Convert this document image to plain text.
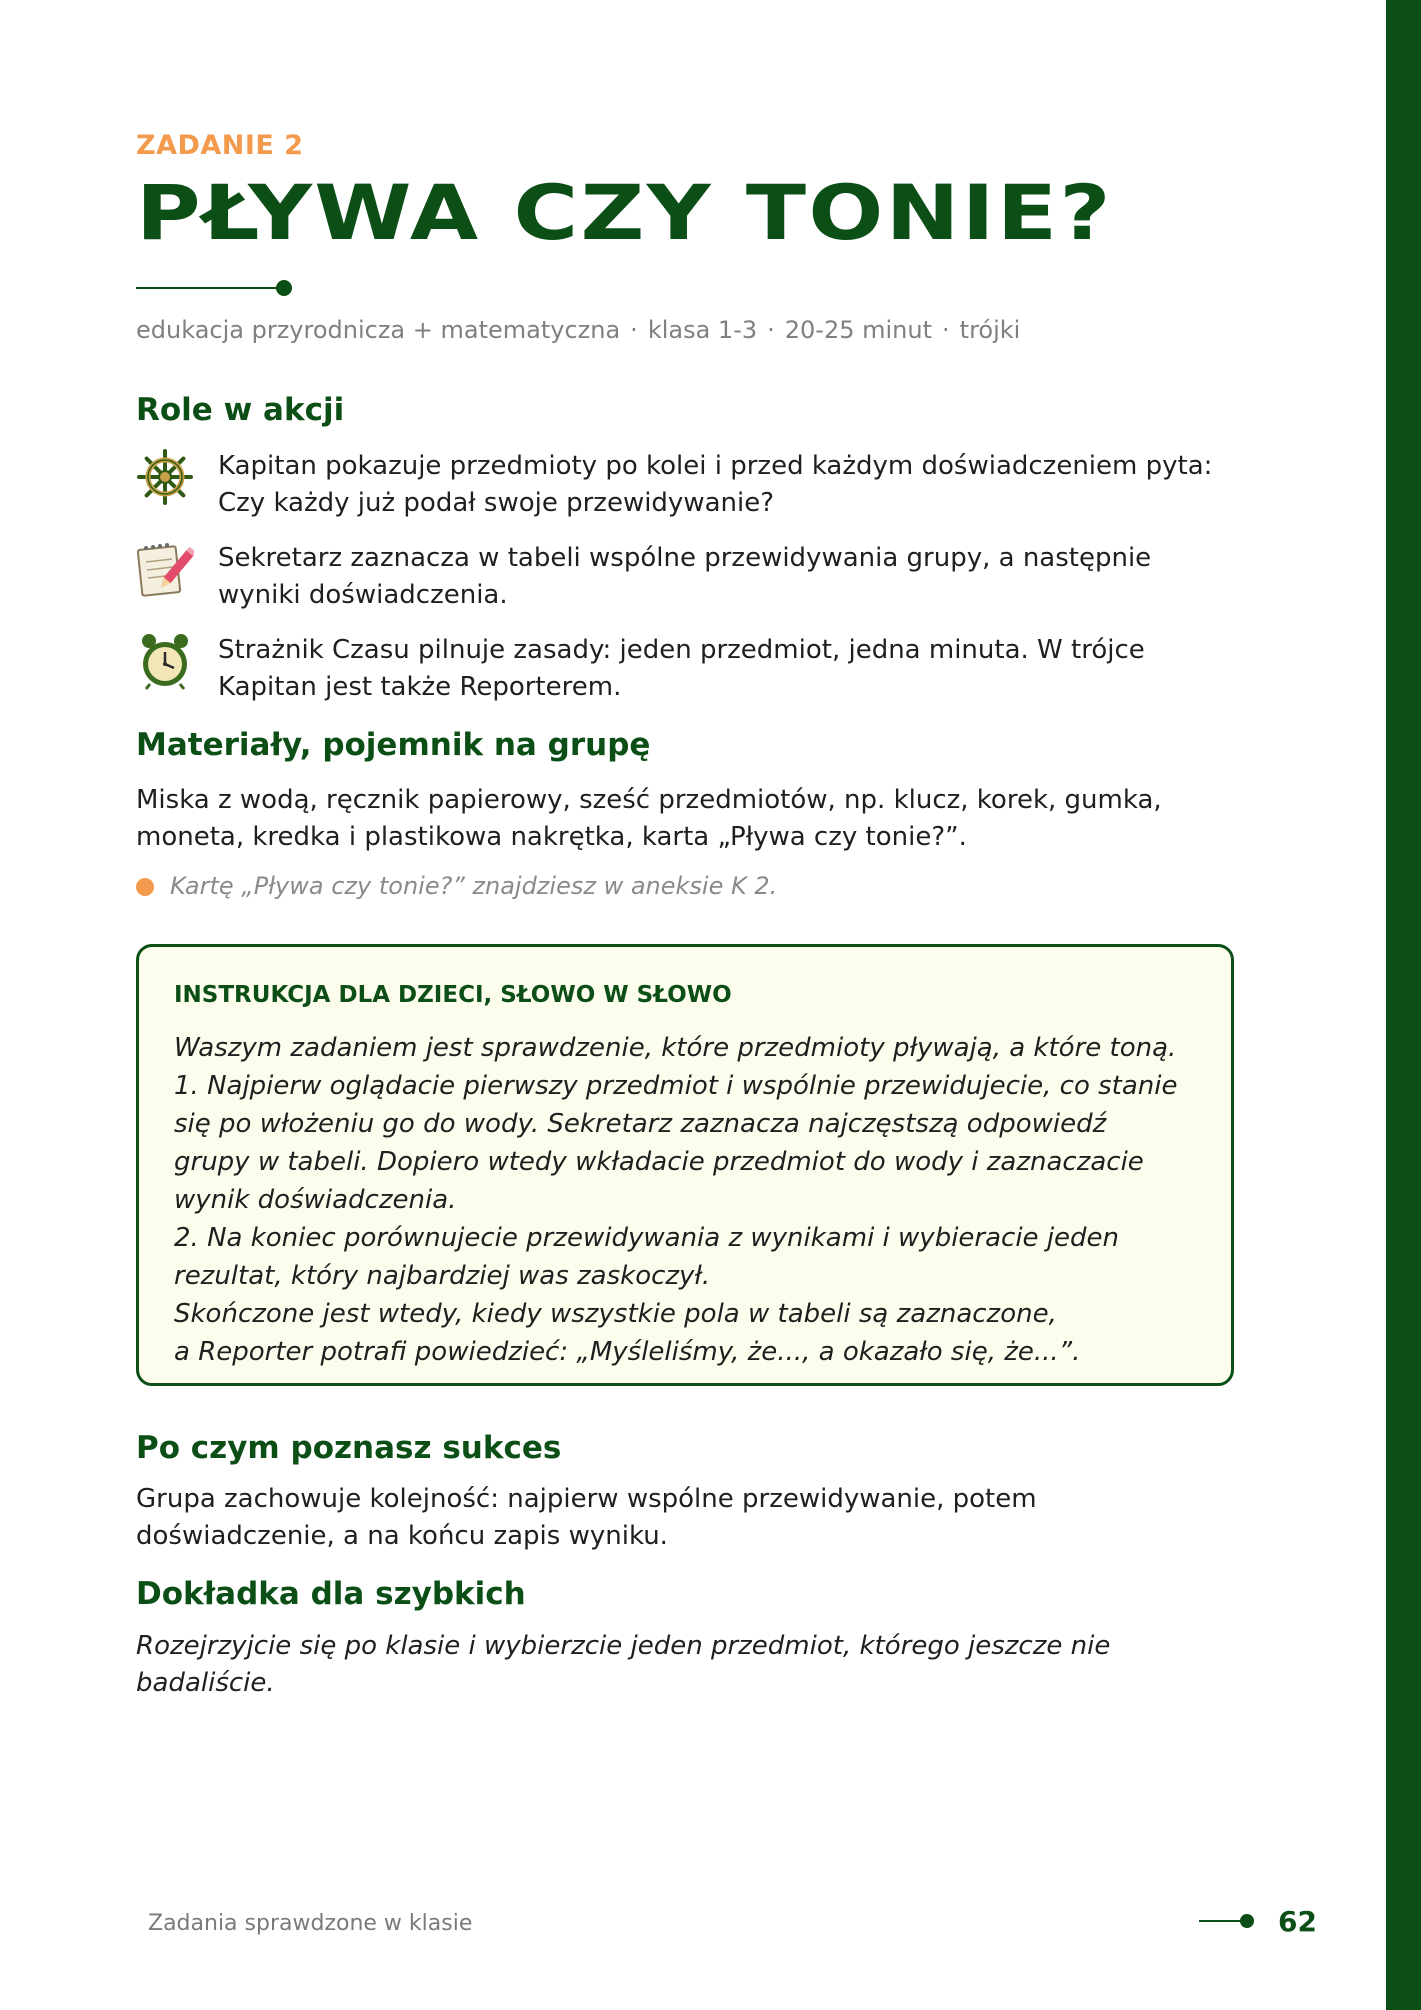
ZADANIE 2
PŁYWA CZY TONIE?
edukacja przyrodnicza + matematyczna · klasa 1-3 · 20-25 minut · trójki
Role w akcji
Kapitan pokazuje przedmioty po kolei i przed każdym doświadczeniem pyta:
Czy każdy już podał swoje przewidywanie?
Sekretarz zaznacza w tabeli wspólne przewidywania grupy, a następnie
wyniki doświadczenia.
Strażnik Czasu pilnuje zasady: jeden przedmiot, jedna minuta. W trójce
Kapitan jest także Reporterem.
Materiały, pojemnik na grupę
Miska z wodą, ręcznik papierowy, sześć przedmiotów, np. klucz, korek, gumka,
moneta, kredka i plastikowa nakrętka, karta „Pływa czy tonie?”.
Kartę „Pływa czy tonie?” znajdziesz w aneksie K 2.
INSTRUKCJA DLA DZIECI, SŁOWO W SŁOWO
Waszym zadaniem jest sprawdzenie, które przedmioty pływają, a które toną.
1. Najpierw oglądacie pierwszy przedmiot i wspólnie przewidujecie, co stanie
się po włożeniu go do wody. Sekretarz zaznacza najczęstszą odpowiedź
grupy w tabeli. Dopiero wtedy wkładacie przedmiot do wody i zaznaczacie
wynik doświadczenia.
2. Na koniec porównujecie przewidywania z wynikami i wybieracie jeden
rezultat, który najbardziej was zaskoczył.
Skończone jest wtedy, kiedy wszystkie pola w tabeli są zaznaczone,
a Reporter potrafi powiedzieć: „Myśleliśmy, że..., a okazało się, że...”.
Po czym poznasz sukces
Grupa zachowuje kolejność: najpierw wspólne przewidywanie, potem
doświadczenie, a na końcu zapis wyniku.
Dokładka dla szybkich
Rozejrzyjcie się po klasie i wybierzcie jeden przedmiot, którego jeszcze nie
badaliście.
Zadania sprawdzone w klasie	62
